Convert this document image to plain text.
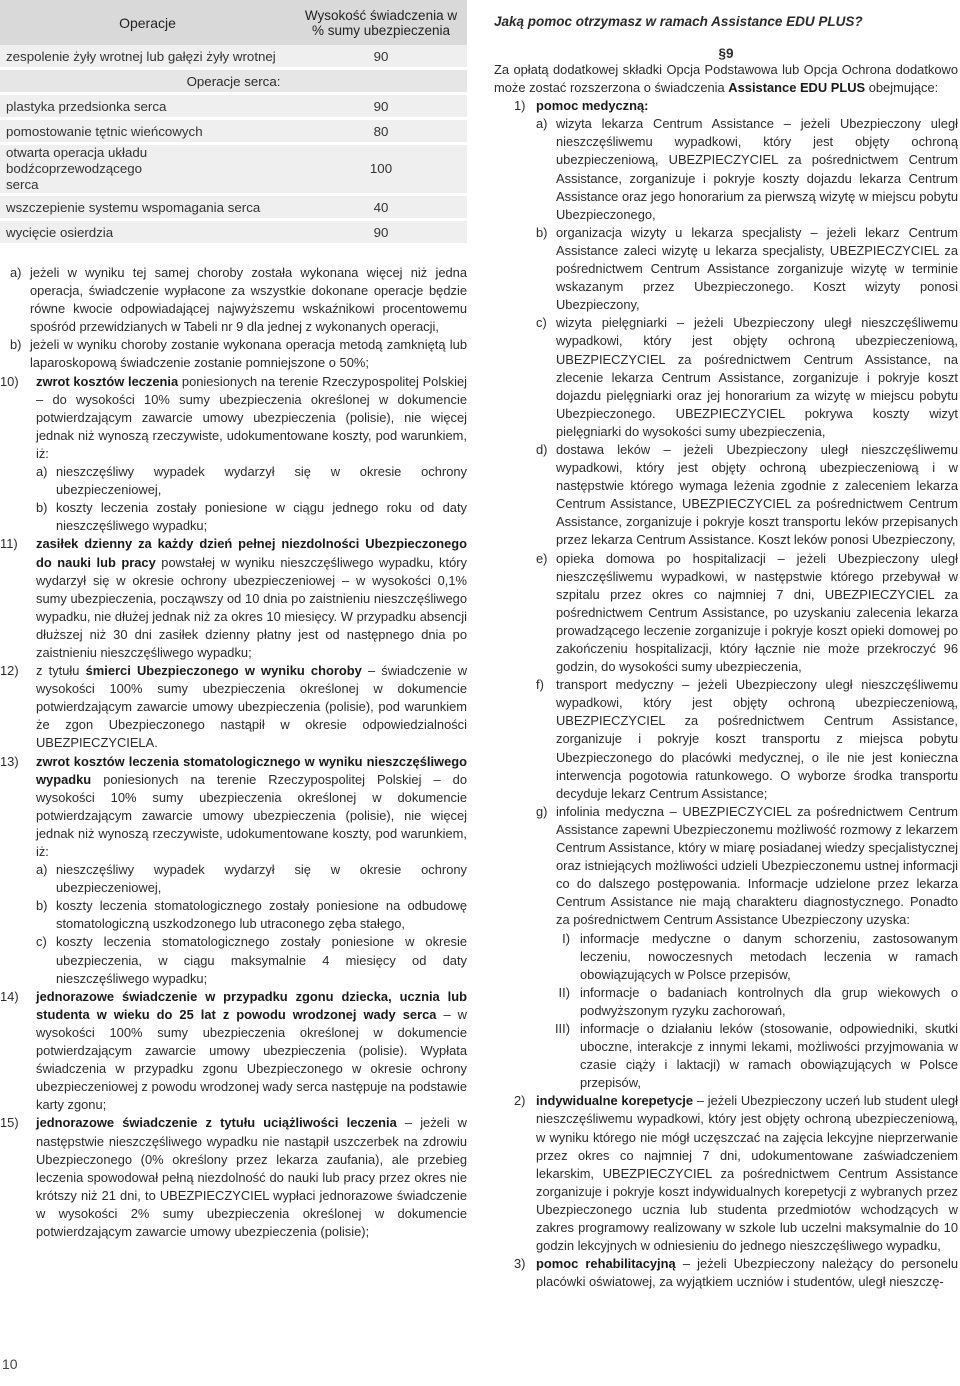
Operacje	Wysokość świadczenia w % sumy ubezpieczenia
zespolenie żyły wrotnej lub gałęzi żyły wrotnej	90
Operacje serca:	
plastyka przedsionka serca	90
pomostowanie tętnic wieńcowych	80
otwarta operacja układu bodźcoprzewodzącego serca	100
wszczepienie systemu wspomagania serca	40
wycięcie osierdzia	90
a) jeżeli w wyniku tej samej choroby została wykonana więcej niż jedna operacja, świadczenie wypłacone za wszystkie dokonane operacje będzie równe kwocie odpowiadającej najwyższemu wskaźnikowi procentowemu spośród przewidzianych w Tabeli nr 9 dla jednej z wykonanych operacji,
b) jeżeli w wyniku choroby zostanie wykonana operacja metodą zamkniętą lub laparoskopową świadczenie zostanie pomniejszone o 50%;
10)	zwrot kosztów leczenia poniesionych na terenie Rzeczypospolitej Polskiej – do wysokości 10% sumy ubezpieczenia określonej w dokumencie potwierdzającym zawarcie umowy ubezpieczenia (polisie), nie więcej jednak niż wynoszą rzeczywiste, udokumentowane koszty, pod warunkiem, iż:
a) nieszczęśliwy wypadek wydarzył się w okresie ochrony ubezpieczeniowej,
b) koszty leczenia zostały poniesione w ciągu jednego roku od daty nieszczęśliwego wypadku;
11)	zasiłek dzienny za każdy dzień pełnej niezdolności Ubezpieczonego do nauki lub pracy powstałej w wyniku nieszczęśliwego wypadku, który wydarzył się w okresie ochrony ubezpieczeniowej – w wysokości 0,1% sumy ubezpieczenia, począwszy od 10 dnia po zaistnieniu nieszczęśliwego wypadku, nie dłużej jednak niż za okres 10 miesięcy. W przypadku absencji dłuższej niż 30 dni zasiłek dzienny płatny jest od następnego dnia po zaistnieniu nieszczęśliwego wypadku;
12)	z tytułu śmierci Ubezpieczonego w wyniku choroby – świadczenie w wysokości 100% sumy ubezpieczenia określonej w dokumencie potwierdzającym zawarcie umowy ubezpieczenia (polisie), pod warunkiem że zgon Ubezpieczonego nastąpił w okresie odpowiedzialności UBEZPIECZYCIELA.
13)	zwrot kosztów leczenia stomatologicznego w wyniku nieszczęśliwego wypadku poniesionych na terenie Rzeczypospolitej Polskiej – do wysokości 10% sumy ubezpieczenia określonej w dokumencie potwierdzającym zawarcie umowy ubezpieczenia (polisie), nie więcej jednak niż wynoszą rzeczywiste, udokumentowane koszty, pod warunkiem, iż:
a) nieszczęśliwy wypadek wydarzył się w okresie ochrony ubezpieczeniowej,
b) koszty leczenia stomatologicznego zostały poniesione na odbudowę stomatologiczną uszkodzonego lub utraconego zęba stałego,
c) koszty leczenia stomatologicznego zostały poniesione w okresie ubezpieczenia, w ciągu maksymalnie 4 miesięcy od daty nieszczęśliwego wypadku;
14)	jednorazowe świadczenie w przypadku zgonu dziecka, ucznia lub studenta w wieku do 25 lat z powodu wrodzonej wady serca – w wysokości 100% sumy ubezpieczenia określonej w dokumencie potwierdzającym zawarcie umowy ubezpieczenia (polisie). Wypłata świadczenia w przypadku zgonu Ubezpieczonego w okresie ochrony ubezpieczeniowej z powodu wrodzonej wady serca następuje na podstawie karty zgonu;
15)	jednorazowe świadczenie z tytułu uciążliwości leczenia – jeżeli w następstwie nieszczęśliwego wypadku nie nastąpił uszczerbek na zdrowiu Ubezpieczonego (0% określony przez lekarza zaufania), ale przebieg leczenia spowodował pełną niezdolność do nauki lub pracy przez okres nie krótszy niż 21 dni, to UBEZPIECZYCIEL wypłaci jednorazowe świadczenie w wysokości 2% sumy ubezpieczenia określonej w dokumencie potwierdzającym zawarcie umowy ubezpieczenia (polisie);
Jaką pomoc otrzymasz w ramach Assistance EDU PLUS?
§9

Za opłatą dodatkowej składki Opcja Podstawowa lub Opcja Ochrona dodatkowo może zostać rozszerzona o świadczenia Assistance EDU PLUS obejmujące:

1) pomoc medyczną:
a) wizyta lekarza Centrum Assistance – jeżeli Ubezpieczony uległ nieszczęśliwemu wypadkowi, który jest objęty ochroną ubezpieczeniową, UBEZPIECZYCIEL za pośrednictwem Centrum Assistance, zorganizuje i pokryje koszty dojazdu lekarza Centrum Assistance oraz jego honorarium za pierwszą wizytę w miejscu pobytu Ubezpieczonego,
b) organizacja wizyty u lekarza specjalisty – jeżeli lekarz Centrum Assistance zaleci wizytę u lekarza specjalisty, UBEZPIECZYCIEL za pośrednictwem Centrum Assistance zorganizuje wizytę w terminie wskazanym przez Ubezpieczonego. Koszt wizyty ponosi Ubezpieczony,
c) wizyta pielęgniarki – jeżeli Ubezpieczony uległ nieszczęśliwemu wypadkowi, który jest objęty ochroną ubezpieczeniową, UBEZPIECZYCIEL za pośrednictwem Centrum Assistance, na zlecenie lekarza Centrum Assistance, zorganizuje i pokryje koszt dojazdu pielęgniarki oraz jej honorarium za wizytę w miejscu pobytu Ubezpieczonego. UBEZPIECZYCIEL pokrywa koszty wizyt pielęgniarki do wysokości sumy ubezpieczenia,
d) dostawa leków – jeżeli Ubezpieczony uległ nieszczęśliwemu wypadkowi, który jest objęty ochroną ubezpieczeniową i w następstwie którego wymaga leżenia zgodnie z zaleceniem lekarza Centrum Assistance, UBEZPIECZYCIEL za pośrednictwem Centrum Assistance, zorganizuje i pokryje koszt transportu leków przepisanych przez lekarza Centrum Assistance. Koszt leków ponosi Ubezpieczony,
e) opieka domowa po hospitalizacji – jeżeli Ubezpieczony uległ nieszczęśliwemu wypadkowi, w następstwie którego przebywał w szpitalu przez okres co najmniej 7 dni, UBEZPIECZYCIEL za pośrednictwem Centrum Assistance, po uzyskaniu zalecenia lekarza prowadzącego leczenie zorganizuje i pokryje koszt opieki domowej po zakończeniu hospitalizacji, który łącznie nie może przekroczyć 96 godzin, do wysokości sumy ubezpieczenia,
f) transport medyczny – jeżeli Ubezpieczony uległ nieszczęśliwemu wypadkowi, który jest objęty ochroną ubezpieczeniową, UBEZPIECZYCIEL za pośrednictwem Centrum Assistance, zorganizuje i pokryje koszt transportu z miejsca pobytu Ubezpieczonego do placówki medycznej, o ile nie jest konieczna interwencja pogotowia ratunkowego. O wyborze środka transportu decyduje lekarz Centrum Assistance;
g) infolinia medyczna – UBEZPIECZYCIEL za pośrednictwem Centrum Assistance zapewni Ubezpieczonemu możliwość rozmowy z lekarzem Centrum Assistance, który w miarę posiadanej wiedzy specjalistycznej oraz istniejących możliwości udzieli Ubezpieczonemu ustnej informacji co do dalszego postępowania. Informacje udzielone przez lekarza Centrum Assistance nie mają charakteru diagnostycznego. Ponadto za pośrednictwem Centrum Assistance Ubezpieczony uzyska:
I) informacje medyczne o danym schorzeniu, zastosowanym leczeniu, nowoczesnych metodach leczenia w ramach obowiązujących w Polsce przepisów,
II) informacje o badaniach kontrolnych dla grup wiekowych o podwyższonym ryzyku zachorowań,
III) informacje o działaniu leków (stosowanie, odpowiedniki, skutki uboczne, interakcje z innymi lekami, możliwości przyjmowania w czasie ciąży i laktacji) w ramach obowiązujących w Polsce przepisów,
2) indywidualne korepetycje – jeżeli Ubezpieczony uczeń lub student uległ nieszczęśliwemu wypadkowi, który jest objęty ochroną ubezpieczeniową, w wyniku którego nie mógł uczęszczać na zajęcia lekcyjne nieprzerwanie przez okres co najmniej 7 dni, udokumentowane zaświadczeniem lekarskim, UBEZPIECZYCIEL za pośrednictwem Centrum Assistance zorganizuje i pokryje koszt indywidualnych korepetycji z wybranych przez Ubezpieczonego ucznia lub studenta przedmiotów wchodzących w zakres programowy realizowany w szkole lub uczelni maksymalnie do 10 godzin lekcyjnych w odniesieniu do jednego nieszczęśliwego wypadku,
3) pomoc rehabilitacyjną – jeżeli Ubezpieczony należący do personelu placówki oświatowej, za wyjątkiem uczniów i studentów, uległ nieszczę-
10
